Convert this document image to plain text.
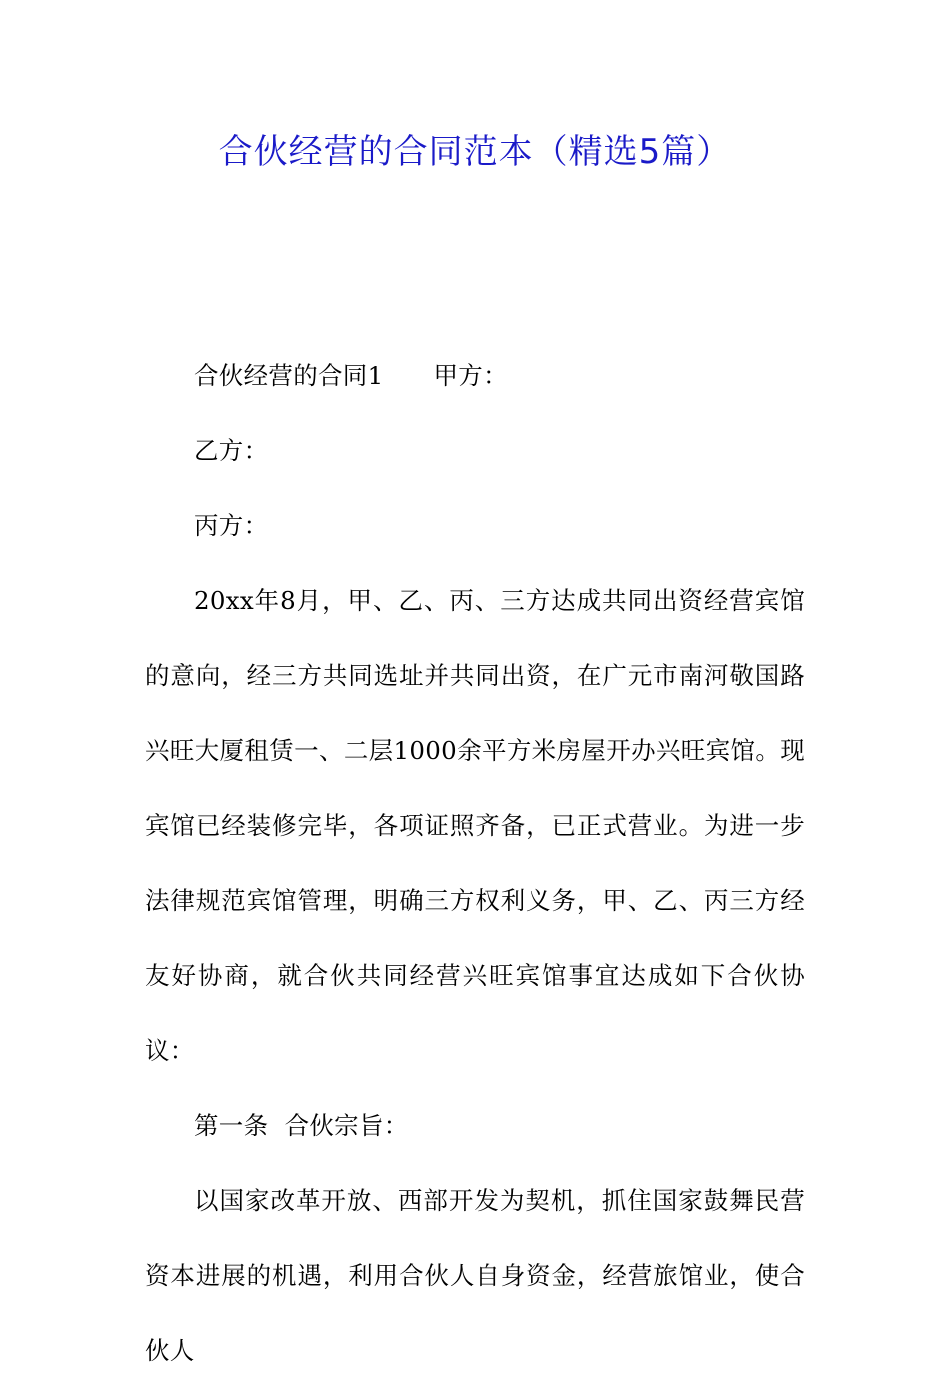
合伙经营的合同范本（精选5篇）

合伙经营的合同1 甲方：

乙方：

丙方：

20xx年8月，甲、乙、丙、三方达成共同出资经营宾馆的意向，经三方共同选址并共同出资，在广元市南河敬国路兴旺大厦租赁一、二层1000余平方米房屋开办兴旺宾馆。现宾馆已经装修完毕，各项证照齐备，已正式营业。为进一步法律规范宾馆管理，明确三方权利义务，甲、乙、丙三方经友好协商，就合伙共同经营兴旺宾馆事宜达成如下合伙协议：

第一条  合伙宗旨：

以国家改革开放、西部开发为契机，抓住国家鼓舞民营资本进展的机遇，利用合伙人自身资金，经营旅馆业，使合伙人
